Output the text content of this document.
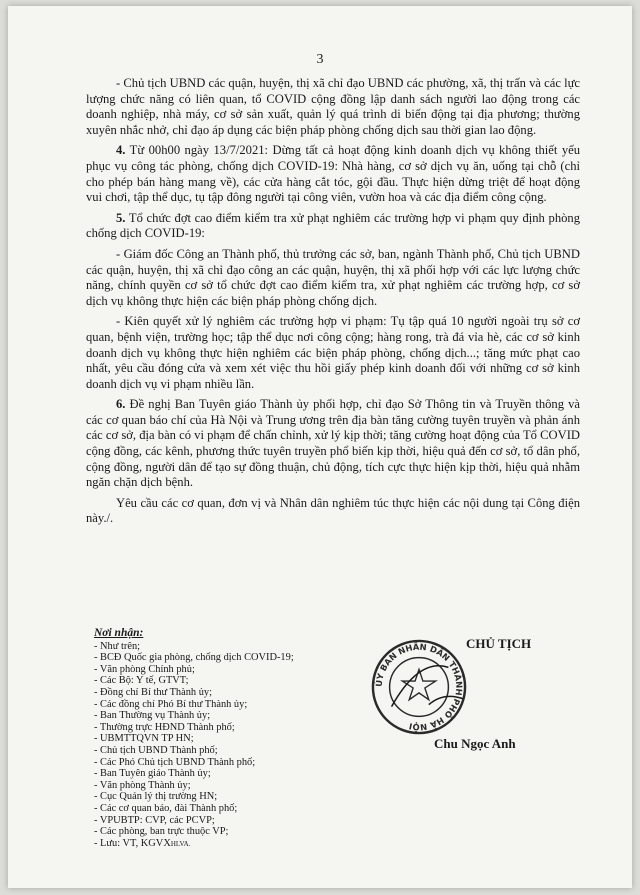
3

- Chủ tịch UBND các quận, huyện, thị xã chỉ đạo UBND các phường, xã, thị trấn và các lực lượng chức năng có liên quan, tổ COVID cộng đồng lập danh sách người lao động trong các doanh nghiệp, nhà máy, cơ sở sản xuất, quản lý quá trình di biến động tại địa phương; thường xuyên nhắc nhở, chỉ đạo áp dụng các biện pháp phòng chống dịch sau thời gian lao động.

4. Từ 00h00 ngày 13/7/2021: Dừng tất cả hoạt động kinh doanh dịch vụ không thiết yếu phục vụ công tác phòng, chống dịch COVID-19: Nhà hàng, cơ sở dịch vụ ăn, uống tại chỗ (chỉ cho phép bán hàng mang về), các cửa hàng cắt tóc, gội đầu. Thực hiện dừng triệt để hoạt động vui chơi, tập thể dục, tụ tập đông người tại công viên, vườn hoa và các địa điểm công cộng.

5. Tổ chức đợt cao điểm kiểm tra xử phạt nghiêm các trường hợp vi phạm quy định phòng chống dịch COVID-19:

- Giám đốc Công an Thành phố, thủ trưởng các sở, ban, ngành Thành phố, Chủ tịch UBND các quận, huyện, thị xã chỉ đạo công an các quận, huyện, thị xã phối hợp với các lực lượng chức năng, chính quyền cơ sở tổ chức đợt cao điểm kiểm tra, xử phạt nghiêm các trường hợp, cơ sở dịch vụ không thực hiện các biện pháp phòng chống dịch.

- Kiên quyết xử lý nghiêm các trường hợp vi phạm: Tụ tập quá 10 người ngoài trụ sở cơ quan, bệnh viện, trường học; tập thể dục nơi công cộng; hàng rong, trà đá vỉa hè, các cơ sở kinh doanh dịch vụ không thực hiện nghiêm các biện pháp phòng, chống dịch...; tăng mức phạt cao nhất, yêu cầu đóng cửa và xem xét việc thu hồi giấy phép kinh doanh đối với những cơ sở kinh doanh dịch vụ vi phạm nhiều lần.

6. Đề nghị Ban Tuyên giáo Thành ủy phối hợp, chỉ đạo Sở Thông tin và Truyền thông và các cơ quan báo chí của Hà Nội và Trung ương trên địa bàn tăng cường tuyên truyền và phản ánh các cơ sở, địa bàn có vi phạm để chấn chỉnh, xử lý kịp thời; tăng cường hoạt động của Tổ COVID cộng đồng, các kênh, phương thức tuyên truyền phổ biến kịp thời, hiệu quả đến cơ sở, tổ dân phố, cộng đồng, người dân để tạo sự đồng thuận, chủ động, tích cực thực hiện kịp thời, hiệu quả nhằm ngăn chặn dịch bệnh.

Yêu cầu các cơ quan, đơn vị và Nhân dân nghiêm túc thực hiện các nội dung tại Công điện này./.

Nơi nhận:
- Như trên;
- BCĐ Quốc gia phòng, chống dịch COVID-19;
- Văn phòng Chính phủ;
- Các Bộ: Y tế, GTVT;
- Đồng chí Bí thư Thành ủy;
- Các đồng chí Phó Bí thư Thành ủy;
- Ban Thường vụ Thành ủy;
- Thường trực HĐND Thành phố;
- UBMTTQVN TP HN;
- Chủ tịch UBND Thành phố;
- Các Phó Chủ tịch UBND Thành phố;
- Ban Tuyên giáo Thành ủy;
- Văn phòng Thành ủy;
- Cục Quản lý thị trường HN;
- Các cơ quan báo, đài Thành phố;
- VPUBTP: CVP, các PCVP;
- Các phòng, ban trực thuộc VP;
- Lưu: VT, KGVXHLVA.
CHỦ TỊCH
ỦY BAN NHÂN DÂN THÀNH PHỐ HÀ NỘI
Chu Ngọc Anh
